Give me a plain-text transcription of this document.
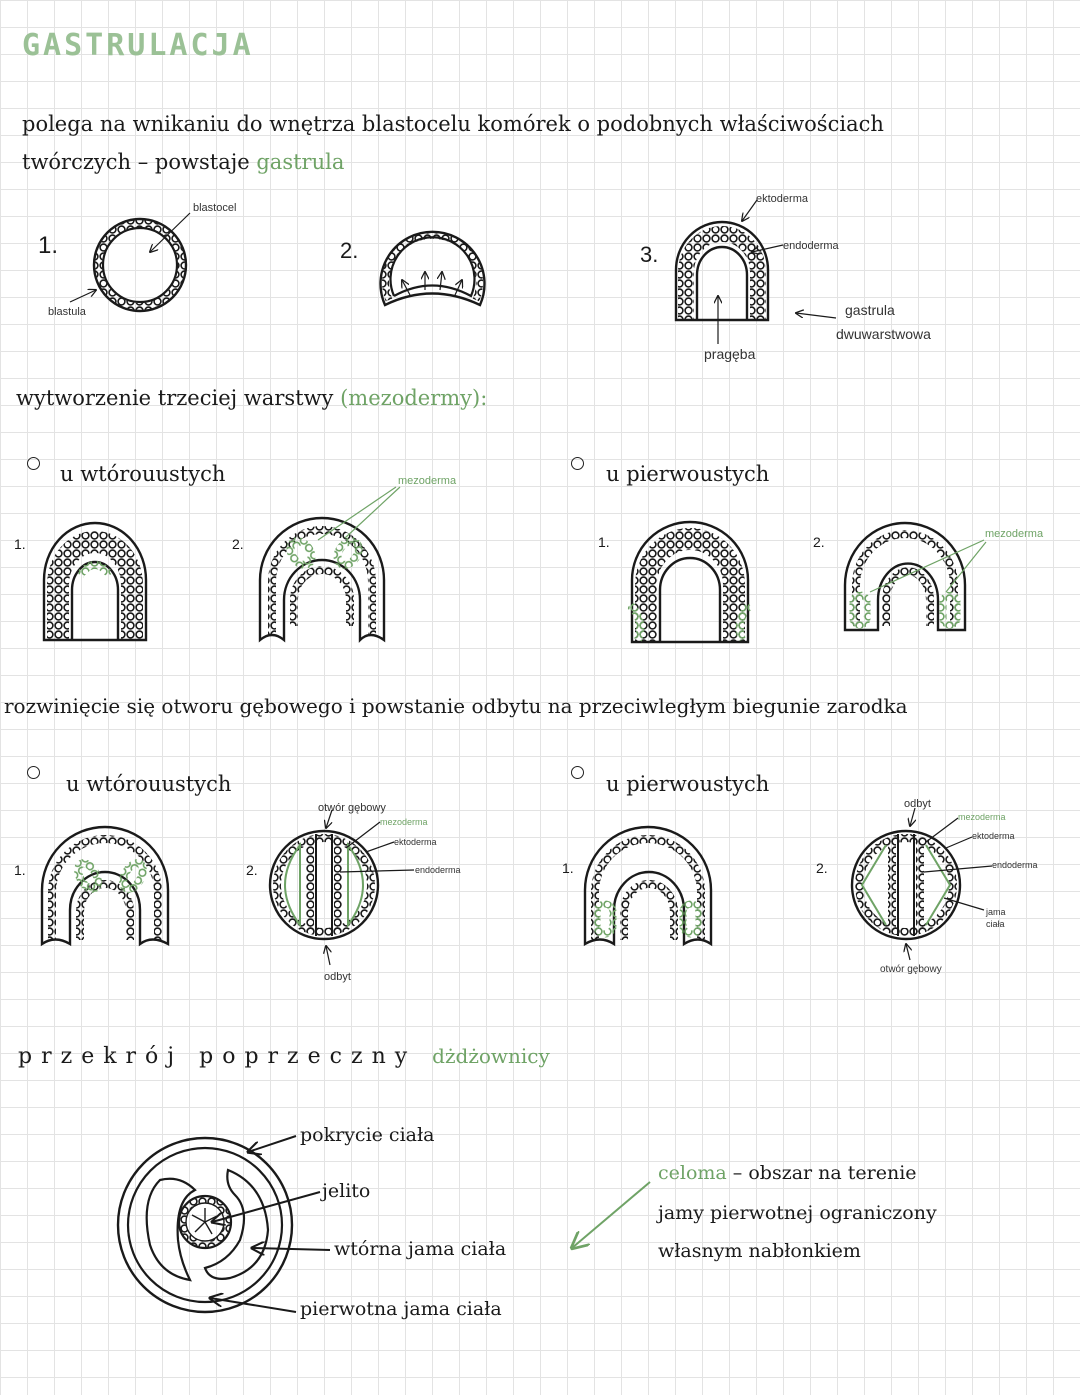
GASTRULACJA
polega na wnikaniu do wnętrza blastocelu komórek o podobnych właściwościach
twórczych – powstaje gastrula
1.
blastocel
blastula
2.	3.
ektoderma
endoderma
gastrula
dwuwarstwowa
pragęba
wytworzenie trzeciej warstwy (mezodermy):
u wtórouustych	u pierwoustych
1.	2.	1.	2.
mezoderma
mezoderma
rozwinięcie się otworu gębowego i powstanie odbytu na przeciwległym biegunie zarodka
u wtórouustych	u pierwoustych
1.	2.	1.	2.
otwór gębowy
mezoderma
ektoderma
endoderma
odbyt
odbyt
mezoderma
ektoderma
endoderma
jama ciała
otwór gębowy
przekrój poprzeczny dżdżownicy
pokrycie ciała
jelito
wtórna jama ciała
pierwotna jama ciała
celoma – obszar na terenie
jamy pierwotnej ograniczony
własnym nabłonkiem
